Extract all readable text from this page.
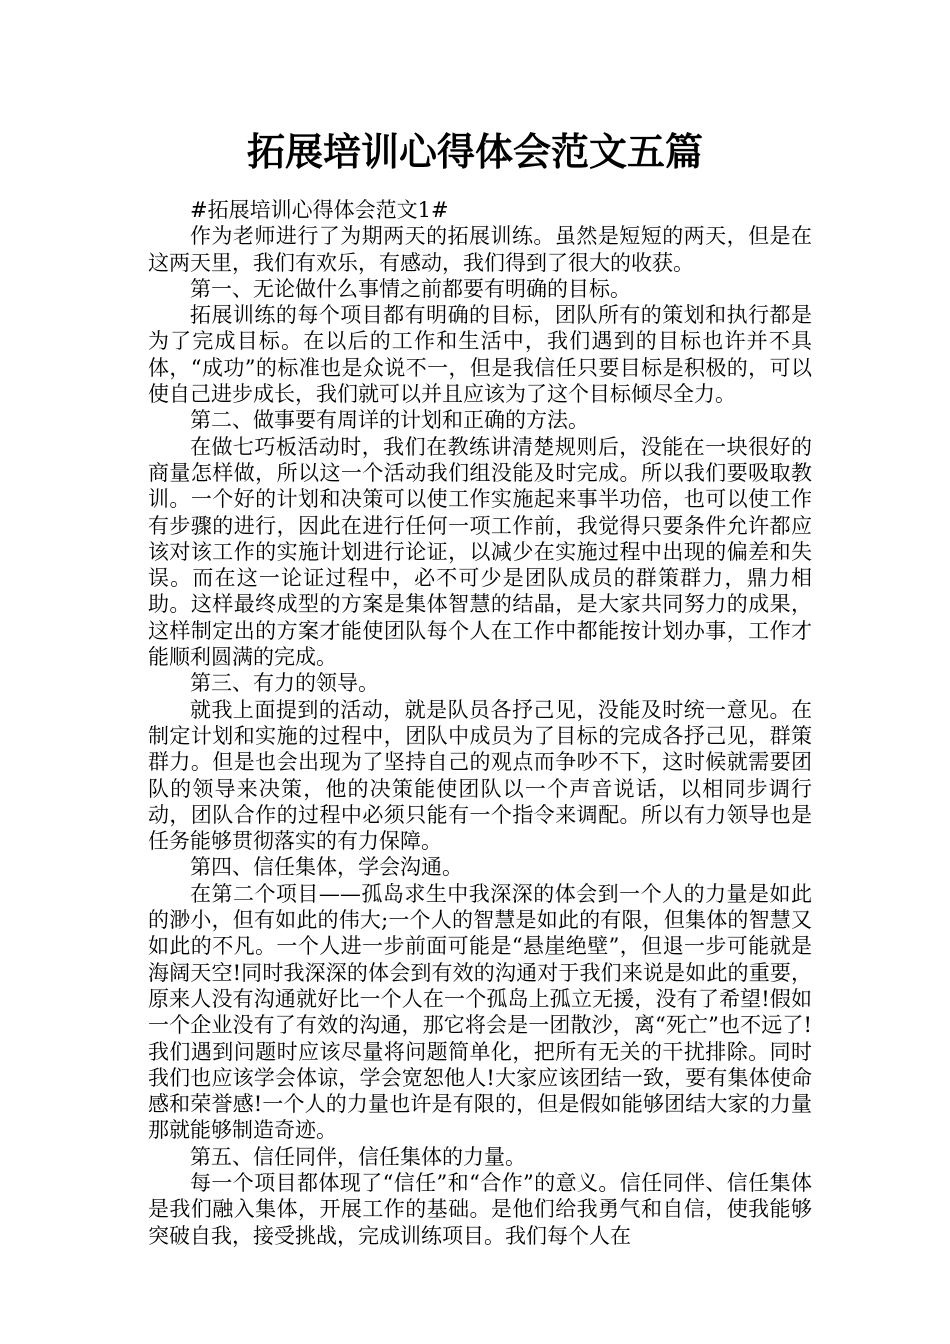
拓展培训心得体会范文五篇

#拓展培训心得体会范文1#

作为老师进行了为期两天的拓展训练。虽然是短短的两天，但是在这两天里，我们有欢乐，有感动，我们得到了很大的收获。

第一、无论做什么事情之前都要有明确的目标。

拓展训练的每个项目都有明确的目标，团队所有的策划和执行都是为了完成目标。在以后的工作和生活中，我们遇到的目标也许并不具体，“成功”的标准也是众说不一，但是我信任只要目标是积极的，可以使自己进步成长，我们就可以并且应该为了这个目标倾尽全力。

第二、做事要有周详的计划和正确的方法。

在做七巧板活动时，我们在教练讲清楚规则后，没能在一块很好的商量怎样做，所以这一个活动我们组没能及时完成。所以我们要吸取教训。一个好的计划和决策可以使工作实施起来事半功倍，也可以使工作有步骤的进行，因此在进行任何一项工作前，我觉得只要条件允许都应该对该工作的实施计划进行论证，以减少在实施过程中出现的偏差和失误。而在这一论证过程中，必不可少是团队成员的群策群力，鼎力相助。这样最终成型的方案是集体智慧的结晶，是大家共同努力的成果，这样制定出的方案才能使团队每个人在工作中都能按计划办事，工作才能顺利圆满的完成。

第三、有力的领导。

就我上面提到的活动，就是队员各抒己见，没能及时统一意见。在制定计划和实施的过程中，团队中成员为了目标的完成各抒己见，群策群力。但是也会出现为了坚持自己的观点而争吵不下，这时候就需要团队的领导来决策，他的决策能使团队以一个声音说话，以相同步调行动，团队合作的过程中必须只能有一个指令来调配。所以有力领导也是任务能够贯彻落实的有力保障。

第四、信任集体，学会沟通。

在第二个项目——孤岛求生中我深深的体会到一个人的力量是如此的渺小，但有如此的伟大;一个人的智慧是如此的有限，但集体的智慧又如此的不凡。一个人进一步前面可能是“悬崖绝壁”，但退一步可能就是海阔天空!同时我深深的体会到有效的沟通对于我们来说是如此的重要，原来人没有沟通就好比一个人在一个孤岛上孤立无援，没有了希望!假如一个企业没有了有效的沟通，那它将会是一团散沙，离“死亡”也不远了!我们遇到问题时应该尽量将问题简单化，把所有无关的干扰排除。同时我们也应该学会体谅，学会宽恕他人!大家应该团结一致，要有集体使命感和荣誉感!一个人的力量也许是有限的，但是假如能够团结大家的力量那就能够制造奇迹。

第五、信任同伴，信任集体的力量。

每一个项目都体现了“信任”和“合作”的意义。信任同伴、信任集体是我们融入集体，开展工作的基础。是他们给我勇气和自信，使我能够突破自我，接受挑战，完成训练项目。我们每个人在
